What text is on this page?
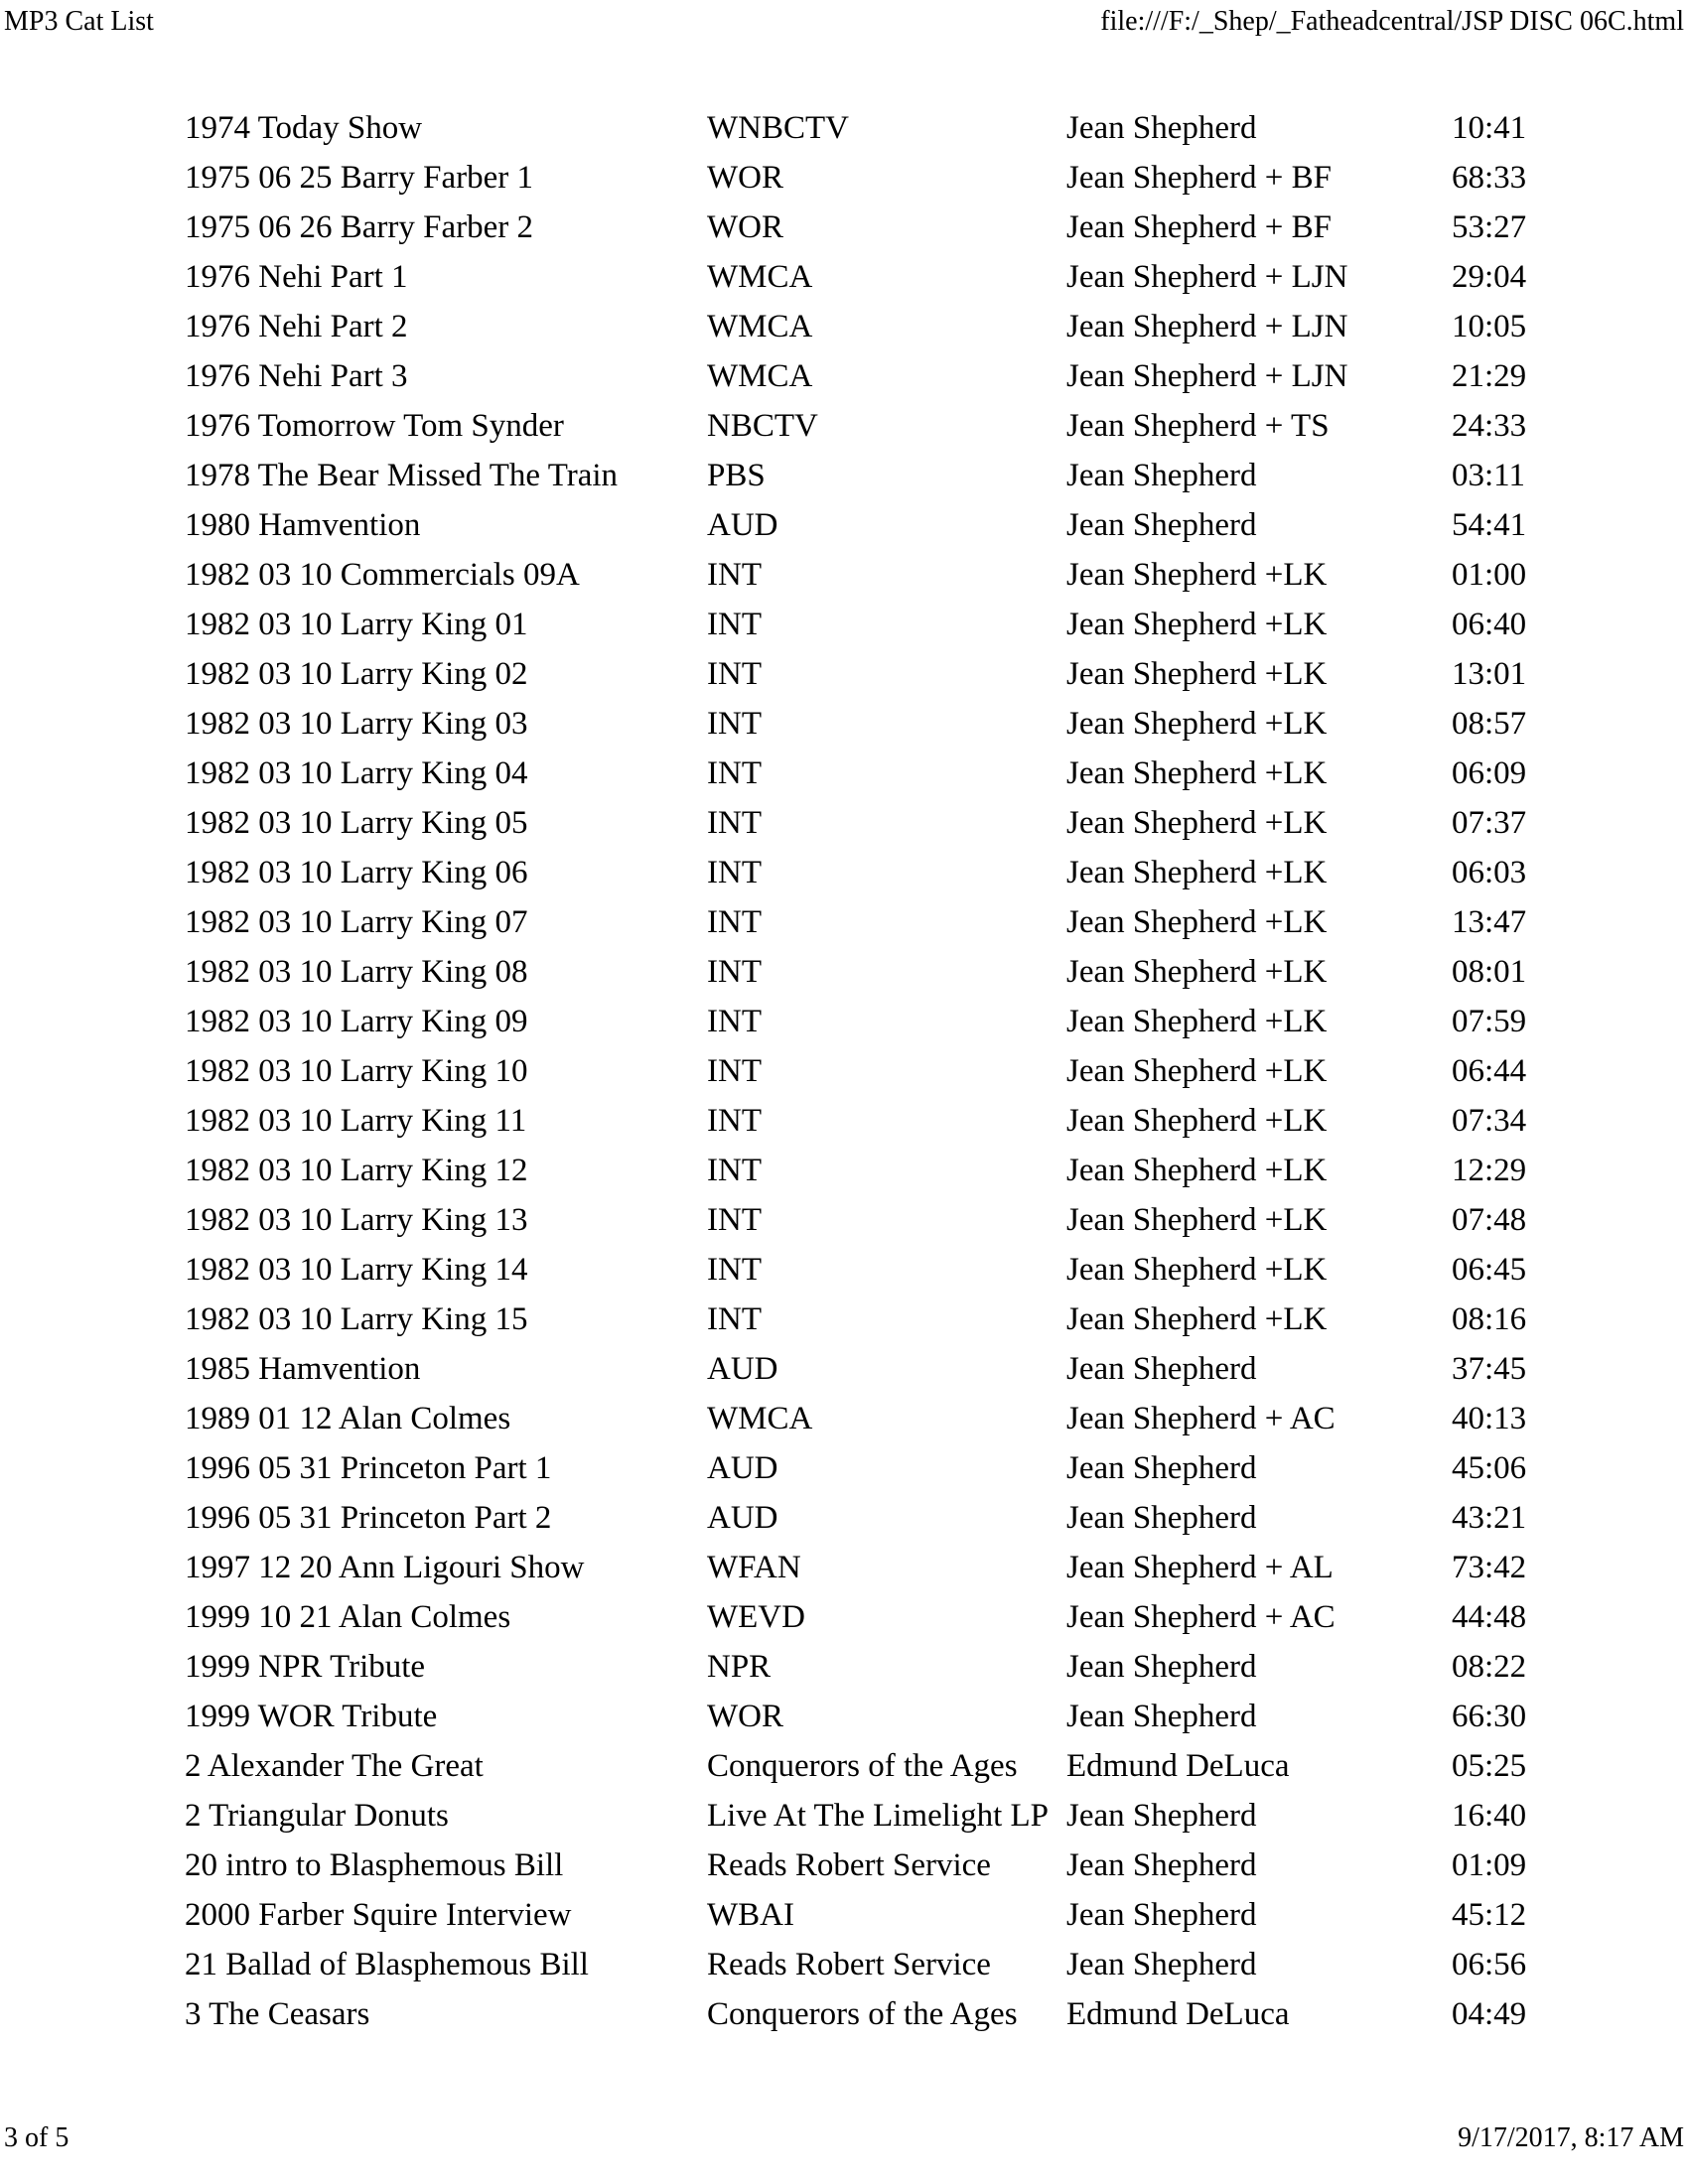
MP3 Cat List	file:///F:/_Shep/_Fatheadcentral/JSP DISC 06C.html
1974 Today Show	WNBCTV	Jean Shepherd	10:41
1975 06 25 Barry Farber 1	WOR	Jean Shepherd + BF	68:33
1975 06 26 Barry Farber 2	WOR	Jean Shepherd + BF	53:27
1976 Nehi Part 1	WMCA	Jean Shepherd + LJN	29:04
1976 Nehi Part 2	WMCA	Jean Shepherd + LJN	10:05
1976 Nehi Part 3	WMCA	Jean Shepherd + LJN	21:29
1976 Tomorrow Tom Synder	NBCTV	Jean Shepherd + TS	24:33
1978 The Bear Missed The Train	PBS	Jean Shepherd	03:11
1980 Hamvention	AUD	Jean Shepherd	54:41
1982 03 10 Commercials 09A	INT	Jean Shepherd +LK	01:00
1982 03 10 Larry King 01	INT	Jean Shepherd +LK	06:40
1982 03 10 Larry King 02	INT	Jean Shepherd +LK	13:01
1982 03 10 Larry King 03	INT	Jean Shepherd +LK	08:57
1982 03 10 Larry King 04	INT	Jean Shepherd +LK	06:09
1982 03 10 Larry King 05	INT	Jean Shepherd +LK	07:37
1982 03 10 Larry King 06	INT	Jean Shepherd +LK	06:03
1982 03 10 Larry King 07	INT	Jean Shepherd +LK	13:47
1982 03 10 Larry King 08	INT	Jean Shepherd +LK	08:01
1982 03 10 Larry King 09	INT	Jean Shepherd +LK	07:59
1982 03 10 Larry King 10	INT	Jean Shepherd +LK	06:44
1982 03 10 Larry King 11	INT	Jean Shepherd +LK	07:34
1982 03 10 Larry King 12	INT	Jean Shepherd +LK	12:29
1982 03 10 Larry King 13	INT	Jean Shepherd +LK	07:48
1982 03 10 Larry King 14	INT	Jean Shepherd +LK	06:45
1982 03 10 Larry King 15	INT	Jean Shepherd +LK	08:16
1985 Hamvention	AUD	Jean Shepherd	37:45
1989 01 12 Alan Colmes	WMCA	Jean Shepherd + AC	40:13
1996 05 31 Princeton Part 1	AUD	Jean Shepherd	45:06
1996 05 31 Princeton Part 2	AUD	Jean Shepherd	43:21
1997 12 20 Ann Ligouri Show	WFAN	Jean Shepherd + AL	73:42
1999 10 21 Alan Colmes	WEVD	Jean Shepherd + AC	44:48
1999 NPR Tribute	NPR	Jean Shepherd	08:22
1999 WOR Tribute	WOR	Jean Shepherd	66:30
2 Alexander The Great	Conquerors of the Ages	Edmund DeLuca	05:25
2 Triangular Donuts	Live At The Limelight LP	Jean Shepherd	16:40
20 intro to Blasphemous Bill	Reads Robert Service	Jean Shepherd	01:09
2000 Farber Squire Interview	WBAI	Jean Shepherd	45:12
21 Ballad of Blasphemous Bill	Reads Robert Service	Jean Shepherd	06:56
3 The Ceasars	Conquerors of the Ages	Edmund DeLuca	04:49
3 of 5	9/17/2017, 8:17 AM
